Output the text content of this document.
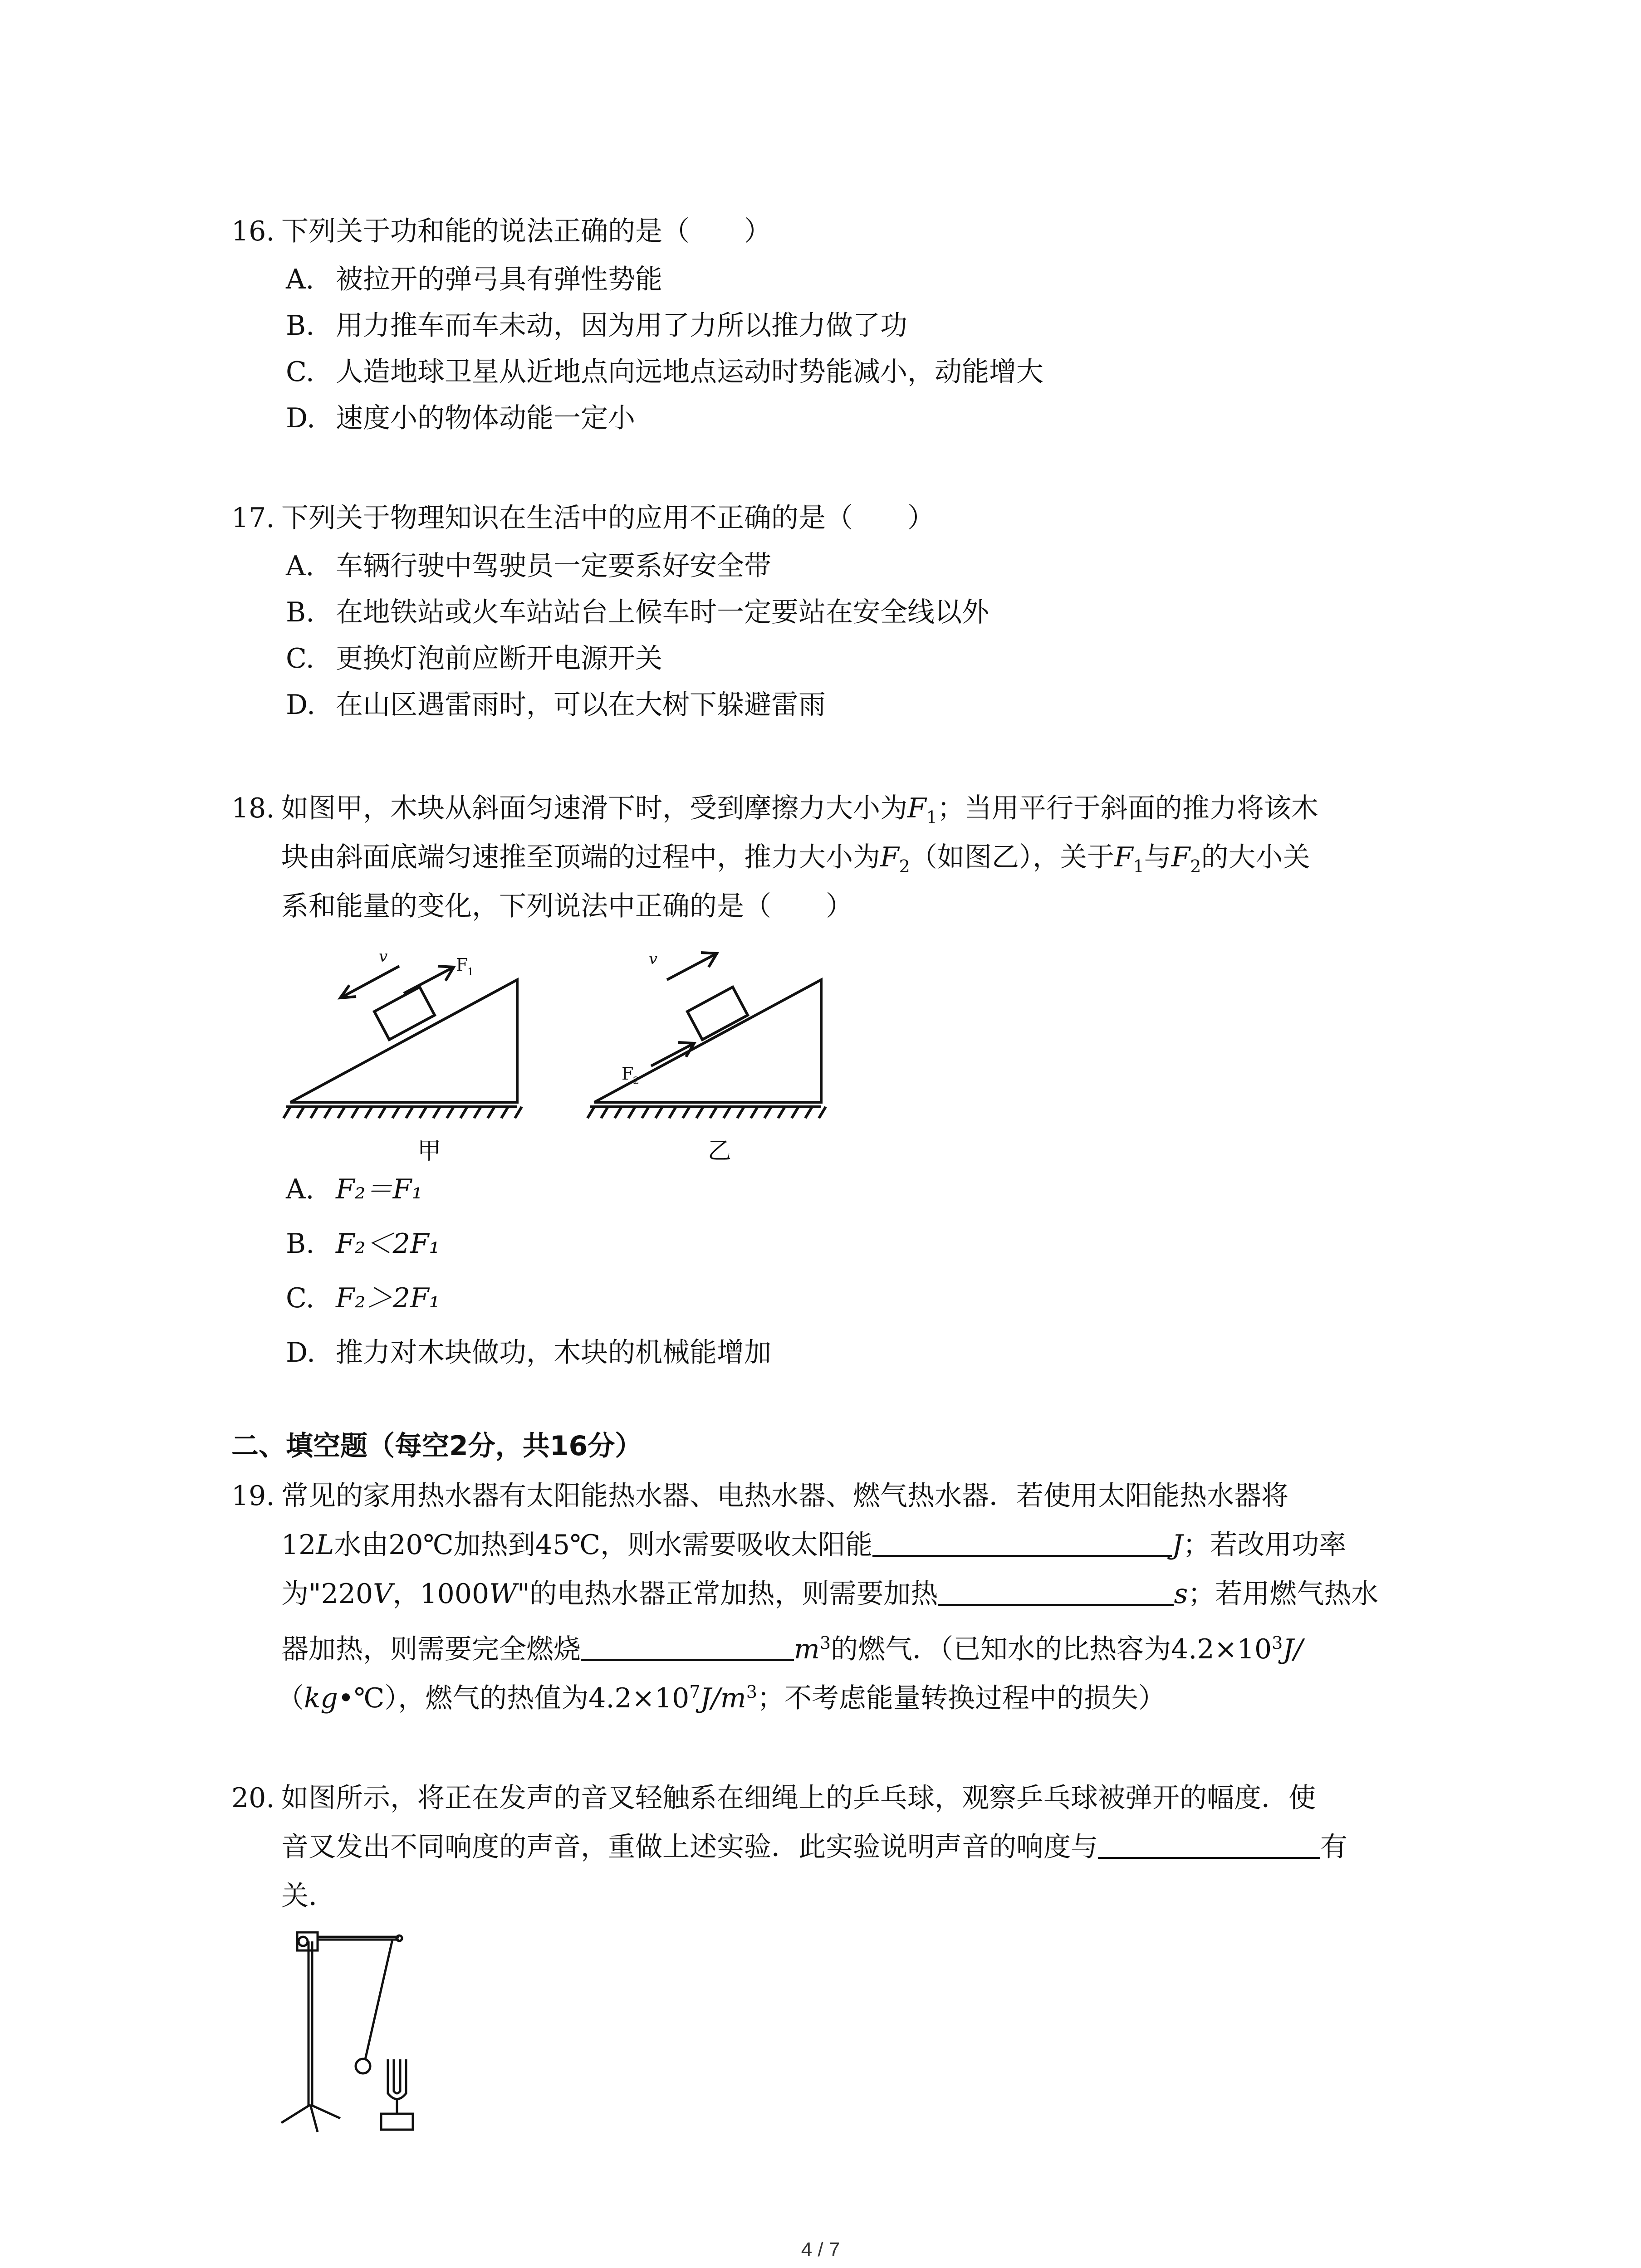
16. 下列关于功和能的说法正确的是（　　）
A. 被拉开的弹弓具有弹性势能
B. 用力推车而车未动，因为用了力所以推力做了功
C. 人造地球卫星从近地点向远地点运动时势能减小，动能增大
D. 速度小的物体动能一定小
17. 下列关于物理知识在生活中的应用不正确的是（　　）
A. 车辆行驶中驾驶员一定要系好安全带
B. 在地铁站或火车站站台上候车时一定要站在安全线以外
C. 更换灯泡前应断开电源开关
D. 在山区遇雷雨时，可以在大树下躲避雷雨
18. 如图甲，木块从斜面匀速滑下时，受到摩擦力大小为$F_1$；当用平行于斜面的推力将该木
块由斜面底端匀速推至顶端的过程中，推力大小为$F_2$（如图乙），关于$F_1$与$F_2$的大小关
系和能量的变化，下列说法中正确的是（　　）
v	F
1
甲
v
F
2
乙
A. F₂＝F₁
B. F₂＜2F₁
C. F₂＞2F₁
D. 推力对木块做功，木块的机械能增加
二、填空题（每空2分，共16分）
19. 常见的家用热水器有太阳能热水器、电热水器、燃气热水器．若使用太阳能热水器将
12L水由20℃加热到45℃，则水需要吸收太阳能	J；若改用功率
为"220V，1000W"的电热水器正常加热，则需要加热	s；若用燃气热水
器加热，则需要完全燃烧	$m^3$的燃气．（已知水的比热容为$4.2\times 10^3J/$
（kg•℃），燃气的热值为$4.2\times 10^7J/m^3$；不考虑能量转换过程中的损失）
20. 如图所示，将正在发声的音叉轻触系在细绳上的乒乓球，观察乒乓球被弹开的幅度．使
音叉发出不同响度的声音，重做上述实验．此实验说明声音的响度与	有
关．
4 / 7
